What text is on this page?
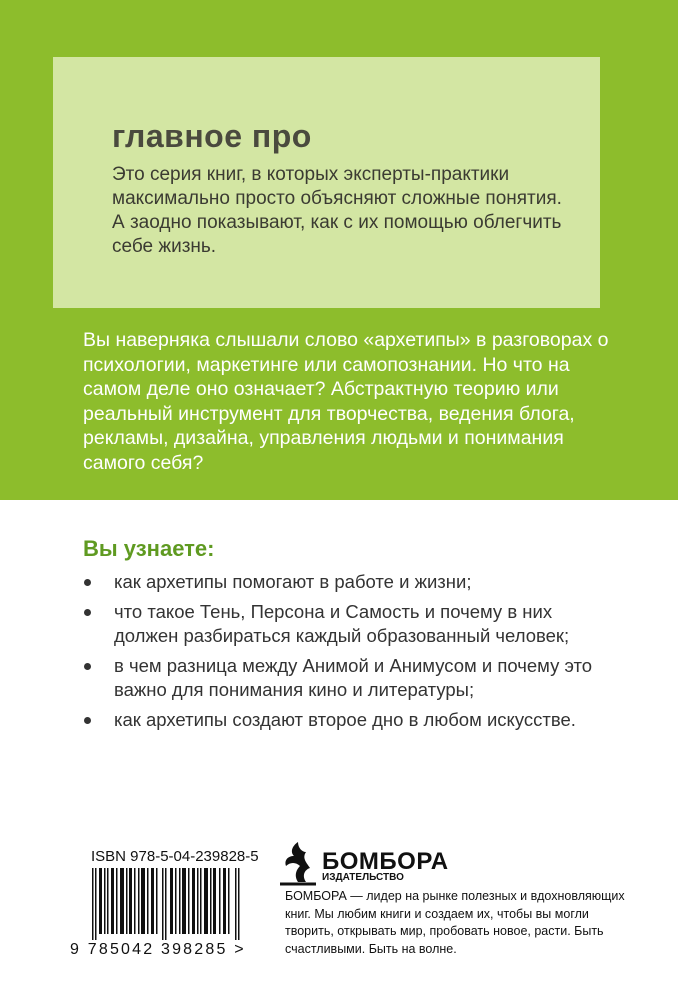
главное про
Это серия книг, в которых эксперты-практики максимально просто объясняют сложные понятия. А заодно показывают, как с их помощью облегчить себе жизнь.
Вы наверняка слышали слово «архетипы» в разговорах о психологии, маркетинге или самопознании. Но что на самом деле оно означает? Абстрактную теорию или реальный инструмент для творчества, ведения блога, рекламы, дизайна, управления людьми и понимания самого себя?
Вы узнаете:
как архетипы помогают в работе и жизни;
что такое Тень, Персона и Самость и почему в них должен разбираться каждый образованный человек;
в чем разница между Анимой и Анимусом и почему это важно для понимания кино и литературы;
как архетипы создают второе дно в любом искусстве.
ISBN 978-5-04-239828-5
9 785042 398285 >
БОМБОРА
ИЗДАТЕЛЬСТВО
БОМБОРА — лидер на рынке полезных и вдохновляющих книг. Мы любим книги и создаем их, чтобы вы могли творить, открывать мир, пробовать новое, расти. Быть счастливыми. Быть на волне.
